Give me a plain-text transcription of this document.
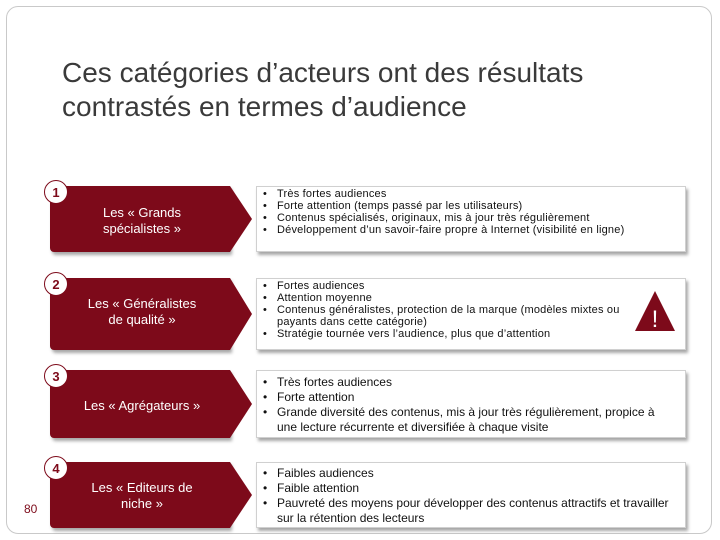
Ces catégories d’acteurs ont des résultats
contrastés en termes d’audience
1
Les « Grands
spécialistes »
• Très fortes audiences
• Forte attention (temps passé par les utilisateurs)
• Contenus spécialisés, originaux, mis à jour très régulièrement
• Développement d’un savoir-faire propre à Internet (visibilité en ligne)
2
Les « Généralistes
de qualité »
• Fortes audiences
• Attention moyenne
• Contenus généralistes, protection de la marque (modèles mixtes ou payants dans cette catégorie)
• Stratégie tournée vers l’audience, plus que d’attention
!
3
Les « Agrégateurs »
• Très fortes audiences
• Forte attention
• Grande diversité des contenus, mis à jour très régulièrement, propice à une lecture récurrente et diversifiée à chaque visite
4
Les « Editeurs de
niche »
• Faibles audiences
• Faible attention
• Pauvreté des moyens pour développer des contenus attractifs et travailler sur la rétention des lecteurs
80
